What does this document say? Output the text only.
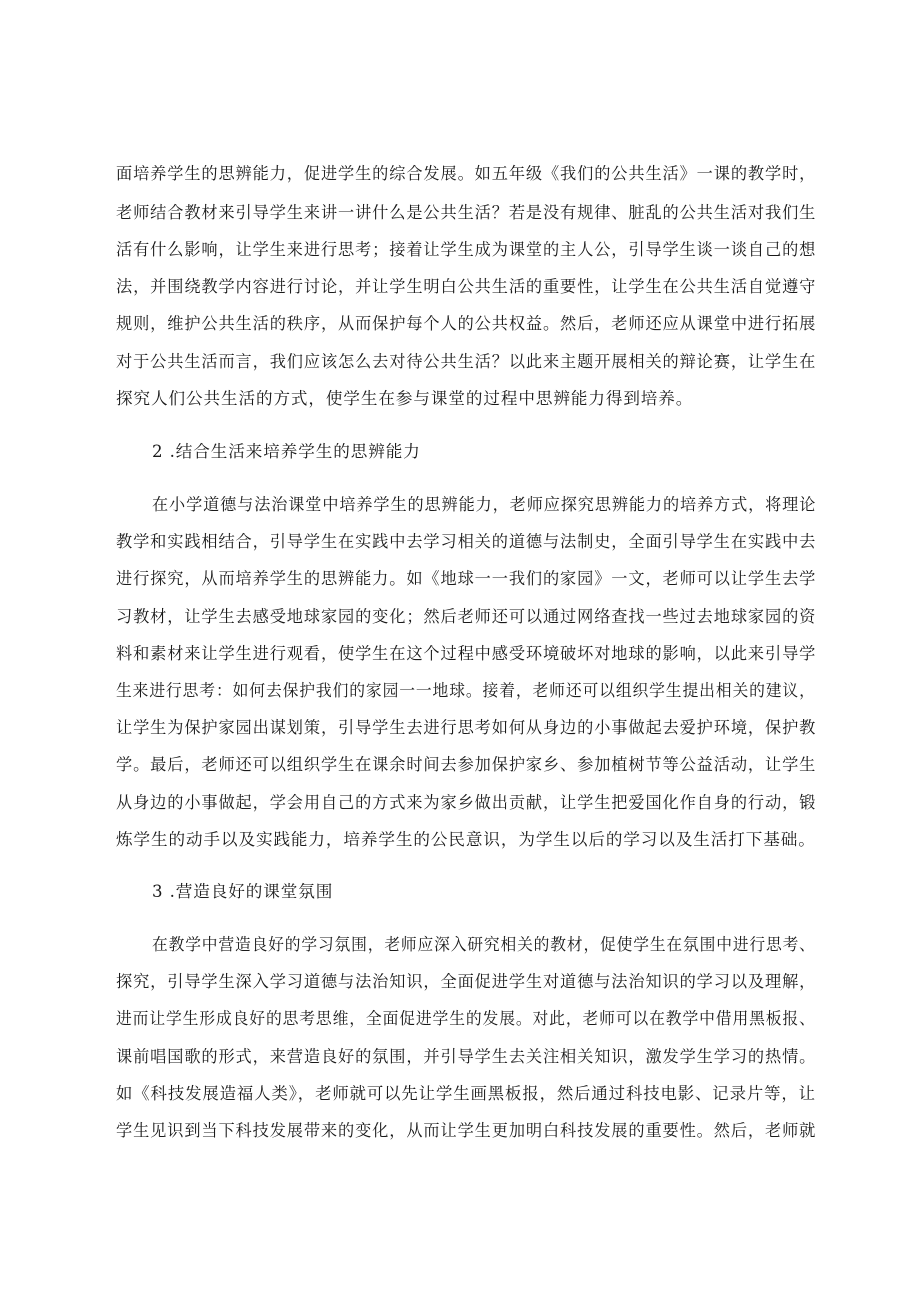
面培养学生的思辨能力，促进学生的综合发展。如五年级《我们的公共生活》一课的教学时，
老师结合教材来引导学生来讲一讲什么是公共生活？若是没有规律、脏乱的公共生活对我们生
活有什么影响，让学生来进行思考；接着让学生成为课堂的主人公，引导学生谈一谈自己的想
法，并围绕教学内容进行讨论，并让学生明白公共生活的重要性，让学生在公共生活自觉遵守
规则，维护公共生活的秩序，从而保护每个人的公共权益。然后，老师还应从课堂中进行拓展
对于公共生活而言，我们应该怎么去对待公共生活？以此来主题开展相关的辩论赛，让学生在
探究人们公共生活的方式，使学生在参与课堂的过程中思辨能力得到培养。
2 .结合生活来培养学生的思辨能力
在小学道德与法治课堂中培养学生的思辨能力，老师应探究思辨能力的培养方式，将理论
教学和实践相结合，引导学生在实践中去学习相关的道德与法制史，全面引导学生在实践中去
进行探究，从而培养学生的思辨能力。如《地球一一我们的家园》一文，老师可以让学生去学
习教材，让学生去感受地球家园的变化；然后老师还可以通过网络查找一些过去地球家园的资
料和素材来让学生进行观看，使学生在这个过程中感受环境破坏对地球的影响，以此来引导学
生来进行思考：如何去保护我们的家园一一地球。接着，老师还可以组织学生提出相关的建议，
让学生为保护家园出谋划策，引导学生去进行思考如何从身边的小事做起去爱护环境，保护教
学。最后，老师还可以组织学生在课余时间去参加保护家乡、参加植树节等公益活动，让学生
从身边的小事做起，学会用自己的方式来为家乡做出贡献，让学生把爱国化作自身的行动，锻
炼学生的动手以及实践能力，培养学生的公民意识，为学生以后的学习以及生活打下基础。
3 .营造良好的课堂氛围
在教学中营造良好的学习氛围，老师应深入研究相关的教材，促使学生在氛围中进行思考、
探究，引导学生深入学习道德与法治知识，全面促进学生对道德与法治知识的学习以及理解，
进而让学生形成良好的思考思维，全面促进学生的发展。对此，老师可以在教学中借用黑板报、
课前唱国歌的形式，来营造良好的氛围，并引导学生去关注相关知识，激发学生学习的热情。
如《科技发展造福人类》，老师就可以先让学生画黑板报，然后通过科技电影、记录片等，让
学生见识到当下科技发展带来的变化，从而让学生更加明白科技发展的重要性。然后，老师就
